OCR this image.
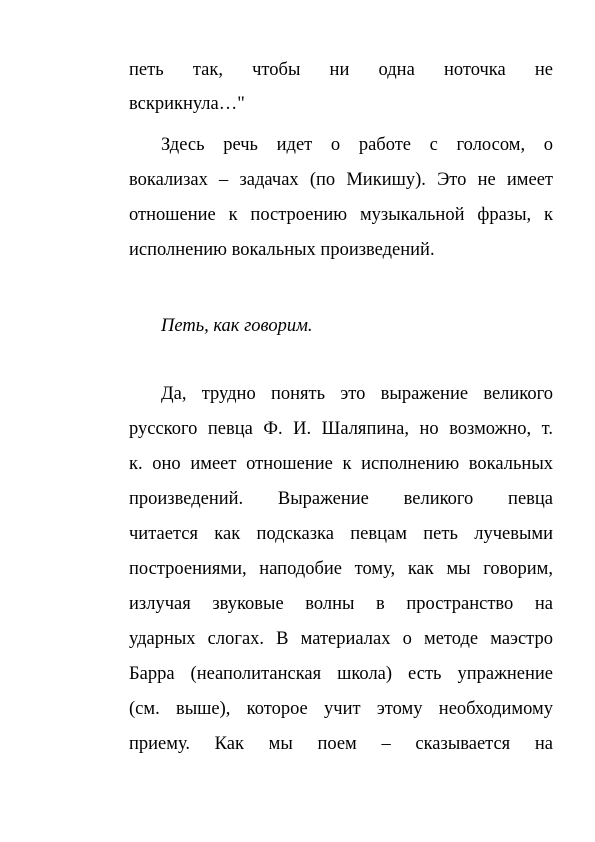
петь так, чтобы ни одна ноточка не
вскрикнула…"
Здесь речь идет о работе с голосом, о
вокализах – задачах (по Микишу). Это не имеет
отношение к построению музыкальной фразы, к
исполнению вокальных произведений.
Петь, как говорим.
Да, трудно понять это выражение великого
русского певца Ф. И. Шаляпина, но возможно, т.
к. оно имеет отношение к исполнению вокальных
произведений. Выражение великого певца
читается как подсказка певцам петь лучевыми
построениями, наподобие тому, как мы говорим,
излучая звуковые волны в пространство на
ударных слогах. В материалах о методе маэстро
Барра (неаполитанская школа) есть упражнение
(см. выше), которое учит этому необходимому
приему. Как мы поем – сказывается на
